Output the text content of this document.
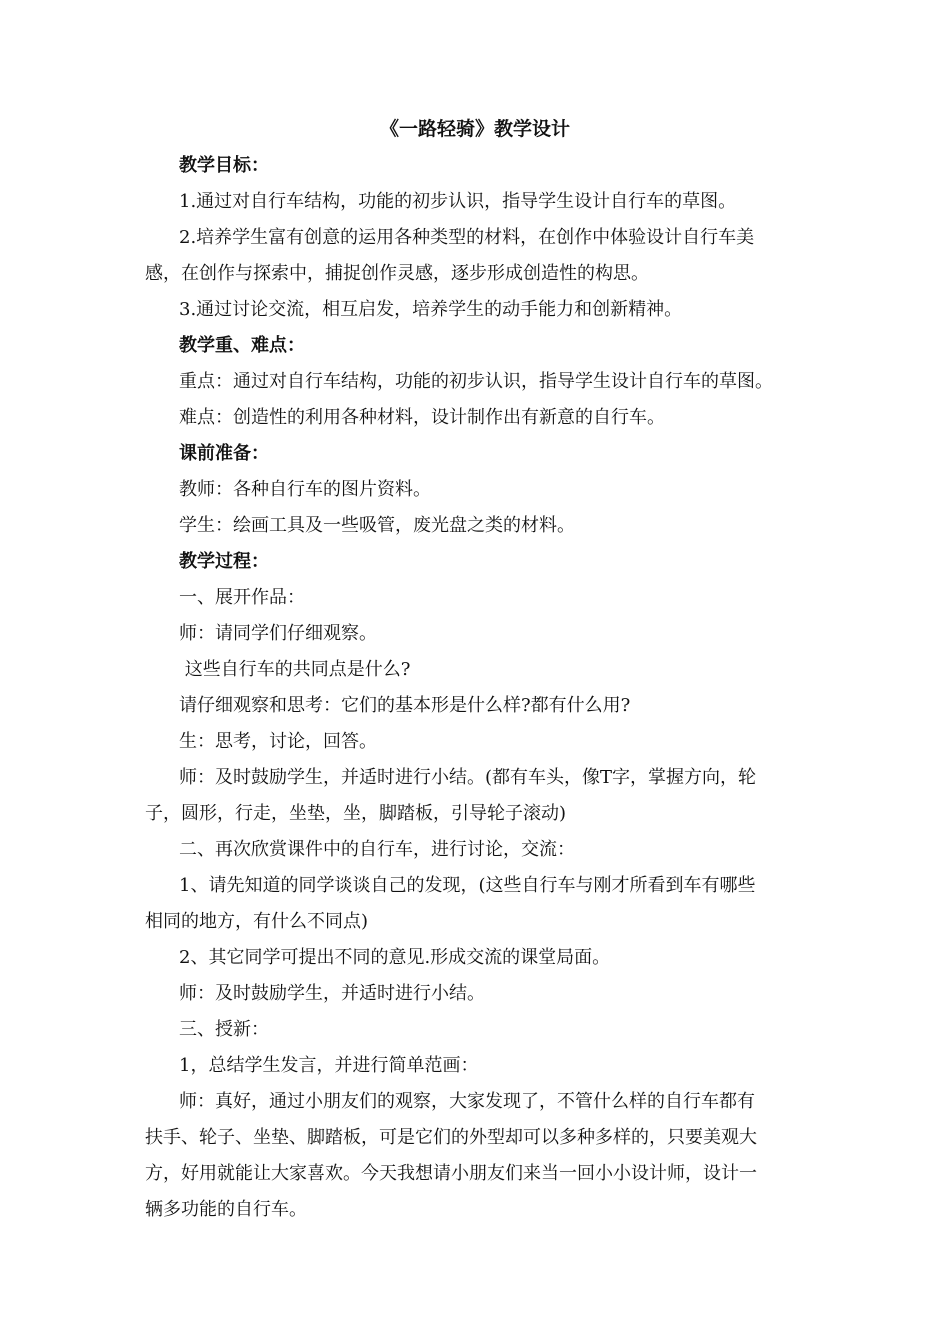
《一路轻骑》教学设计
教学目标：
1.通过对自行车结构，功能的初步认识，指导学生设计自行车的草图。
2.培养学生富有创意的运用各种类型的材料，在创作中体验设计自行车美
感，在创作与探索中，捕捉创作灵感，逐步形成创造性的构思。
3.通过讨论交流，相互启发，培养学生的动手能力和创新精神。
教学重、难点：
重点：通过对自行车结构，功能的初步认识，指导学生设计自行车的草图。
难点：创造性的利用各种材料，设计制作出有新意的自行车。
课前准备：
教师：各种自行车的图片资料。
学生：绘画工具及一些吸管，废光盘之类的材料。
教学过程：
一、展开作品：
师：请同学们仔细观察。
这些自行车的共同点是什么?
请仔细观察和思考：它们的基本形是什么样?都有什么用?
生：思考，讨论，回答。
师：及时鼓励学生，并适时进行小结。(都有车头，像T字，掌握方向，轮
子，圆形，行走，坐垫，坐，脚踏板，引导轮子滚动)
二、再次欣赏课件中的自行车，进行讨论，交流：
1、请先知道的同学谈谈自己的发现，(这些自行车与刚才所看到车有哪些
相同的地方，有什么不同点)
2、其它同学可提出不同的意见.形成交流的课堂局面。
师：及时鼓励学生，并适时进行小结。
三、授新：
1，总结学生发言，并进行简单范画：
师：真好，通过小朋友们的观察，大家发现了，不管什么样的自行车都有
扶手、轮子、坐垫、脚踏板，可是它们的外型却可以多种多样的，只要美观大
方，好用就能让大家喜欢。今天我想请小朋友们来当一回小小设计师，设计一
辆多功能的自行车。
